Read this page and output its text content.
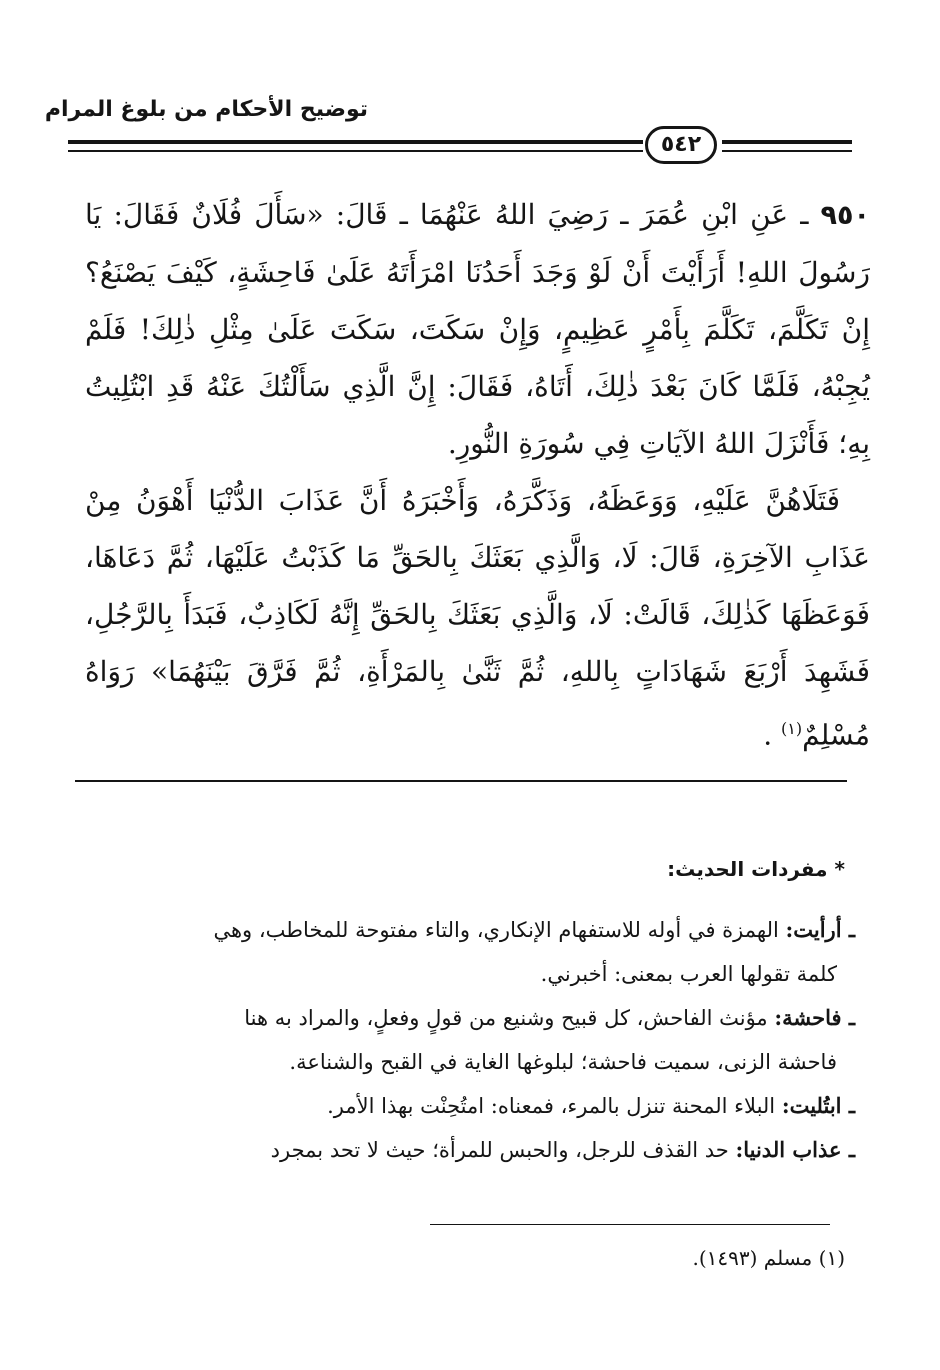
توضيح الأحكام من بلوغ المرام
٥٤٢

٩٥٠ ـ عَنِ ابْنِ عُمَرَ ـ رَضِيَ اللهُ عَنْهُمَا ـ قَالَ: «سَأَلَ فُلَانٌ فَقَالَ: يَا رَسُولَ اللهِ! أَرَأَيْتَ أَنْ لَوْ وَجَدَ أَحَدُنَا امْرَأَتَهُ عَلَىٰ فَاحِشَةٍ، كَيْفَ يَصْنَعُ؟ إِنْ تَكَلَّمَ، تَكَلَّمَ بِأَمْرٍ عَظِيمٍ، وَإِنْ سَكَتَ، سَكَتَ عَلَىٰ مِثْلِ ذٰلِكَ! فَلَمْ يُجِبْهُ، فَلَمَّا كَانَ بَعْدَ ذٰلِكَ، أَتَاهُ، فَقَالَ: إِنَّ الَّذِي سَأَلْتُكَ عَنْهُ قَدِ ابْتُلِيتُ بِهِ؛ فَأَنْزَلَ اللهُ الآيَاتِ فِي سُورَةِ النُّورِ.

فَتَلَاهُنَّ عَلَيْهِ، وَوَعَظَهُ، وَذَكَّرَهُ، وَأَخْبَرَهُ أَنَّ عَذَابَ الدُّنْيَا أَهْوَنُ مِنْ عَذَابِ الآخِرَةِ، قَالَ: لَا، وَالَّذِي بَعَثَكَ بِالحَقِّ مَا كَذَبْتُ عَلَيْهَا، ثُمَّ دَعَاهَا، فَوَعَظَهَا كَذٰلِكَ، قَالَتْ: لَا، وَالَّذِي بَعَثَكَ بِالحَقِّ إِنَّهُ لَكَاذِبٌ، فَبَدَأَ بِالرَّجُلِ، فَشَهِدَ أَرْبَعَ شَهَادَاتٍ بِاللهِ، ثُمَّ ثَنَّىٰ بِالمَرْأَةِ، ثُمَّ فَرَّقَ بَيْنَهُمَا» رَوَاهُ مُسْلِمٌ$^{(١)}$ .

* مفردات الحديث:

ـ أرأيت: الهمزة في أوله للاستفهام الإنكاري، والتاء مفتوحة للمخاطب، وهي
كلمة تقولها العرب بمعنى: أخبرني.

ـ فاحشة: مؤنث الفاحش، كل قبيح وشنيع من قولٍ وفعلٍ، والمراد به هنا
فاحشة الزنى، سميت فاحشة؛ لبلوغها الغاية في القبح والشناعة.

ـ ابتُليت: البلاء المحنة تنزل بالمرء، فمعناه: امتُحِنْت بهذا الأمر.

ـ عذاب الدنيا: حد القذف للرجل، والحبس للمرأة؛ حيث لا تحد بمجرد

(١) مسلم (١٤٩٣).
